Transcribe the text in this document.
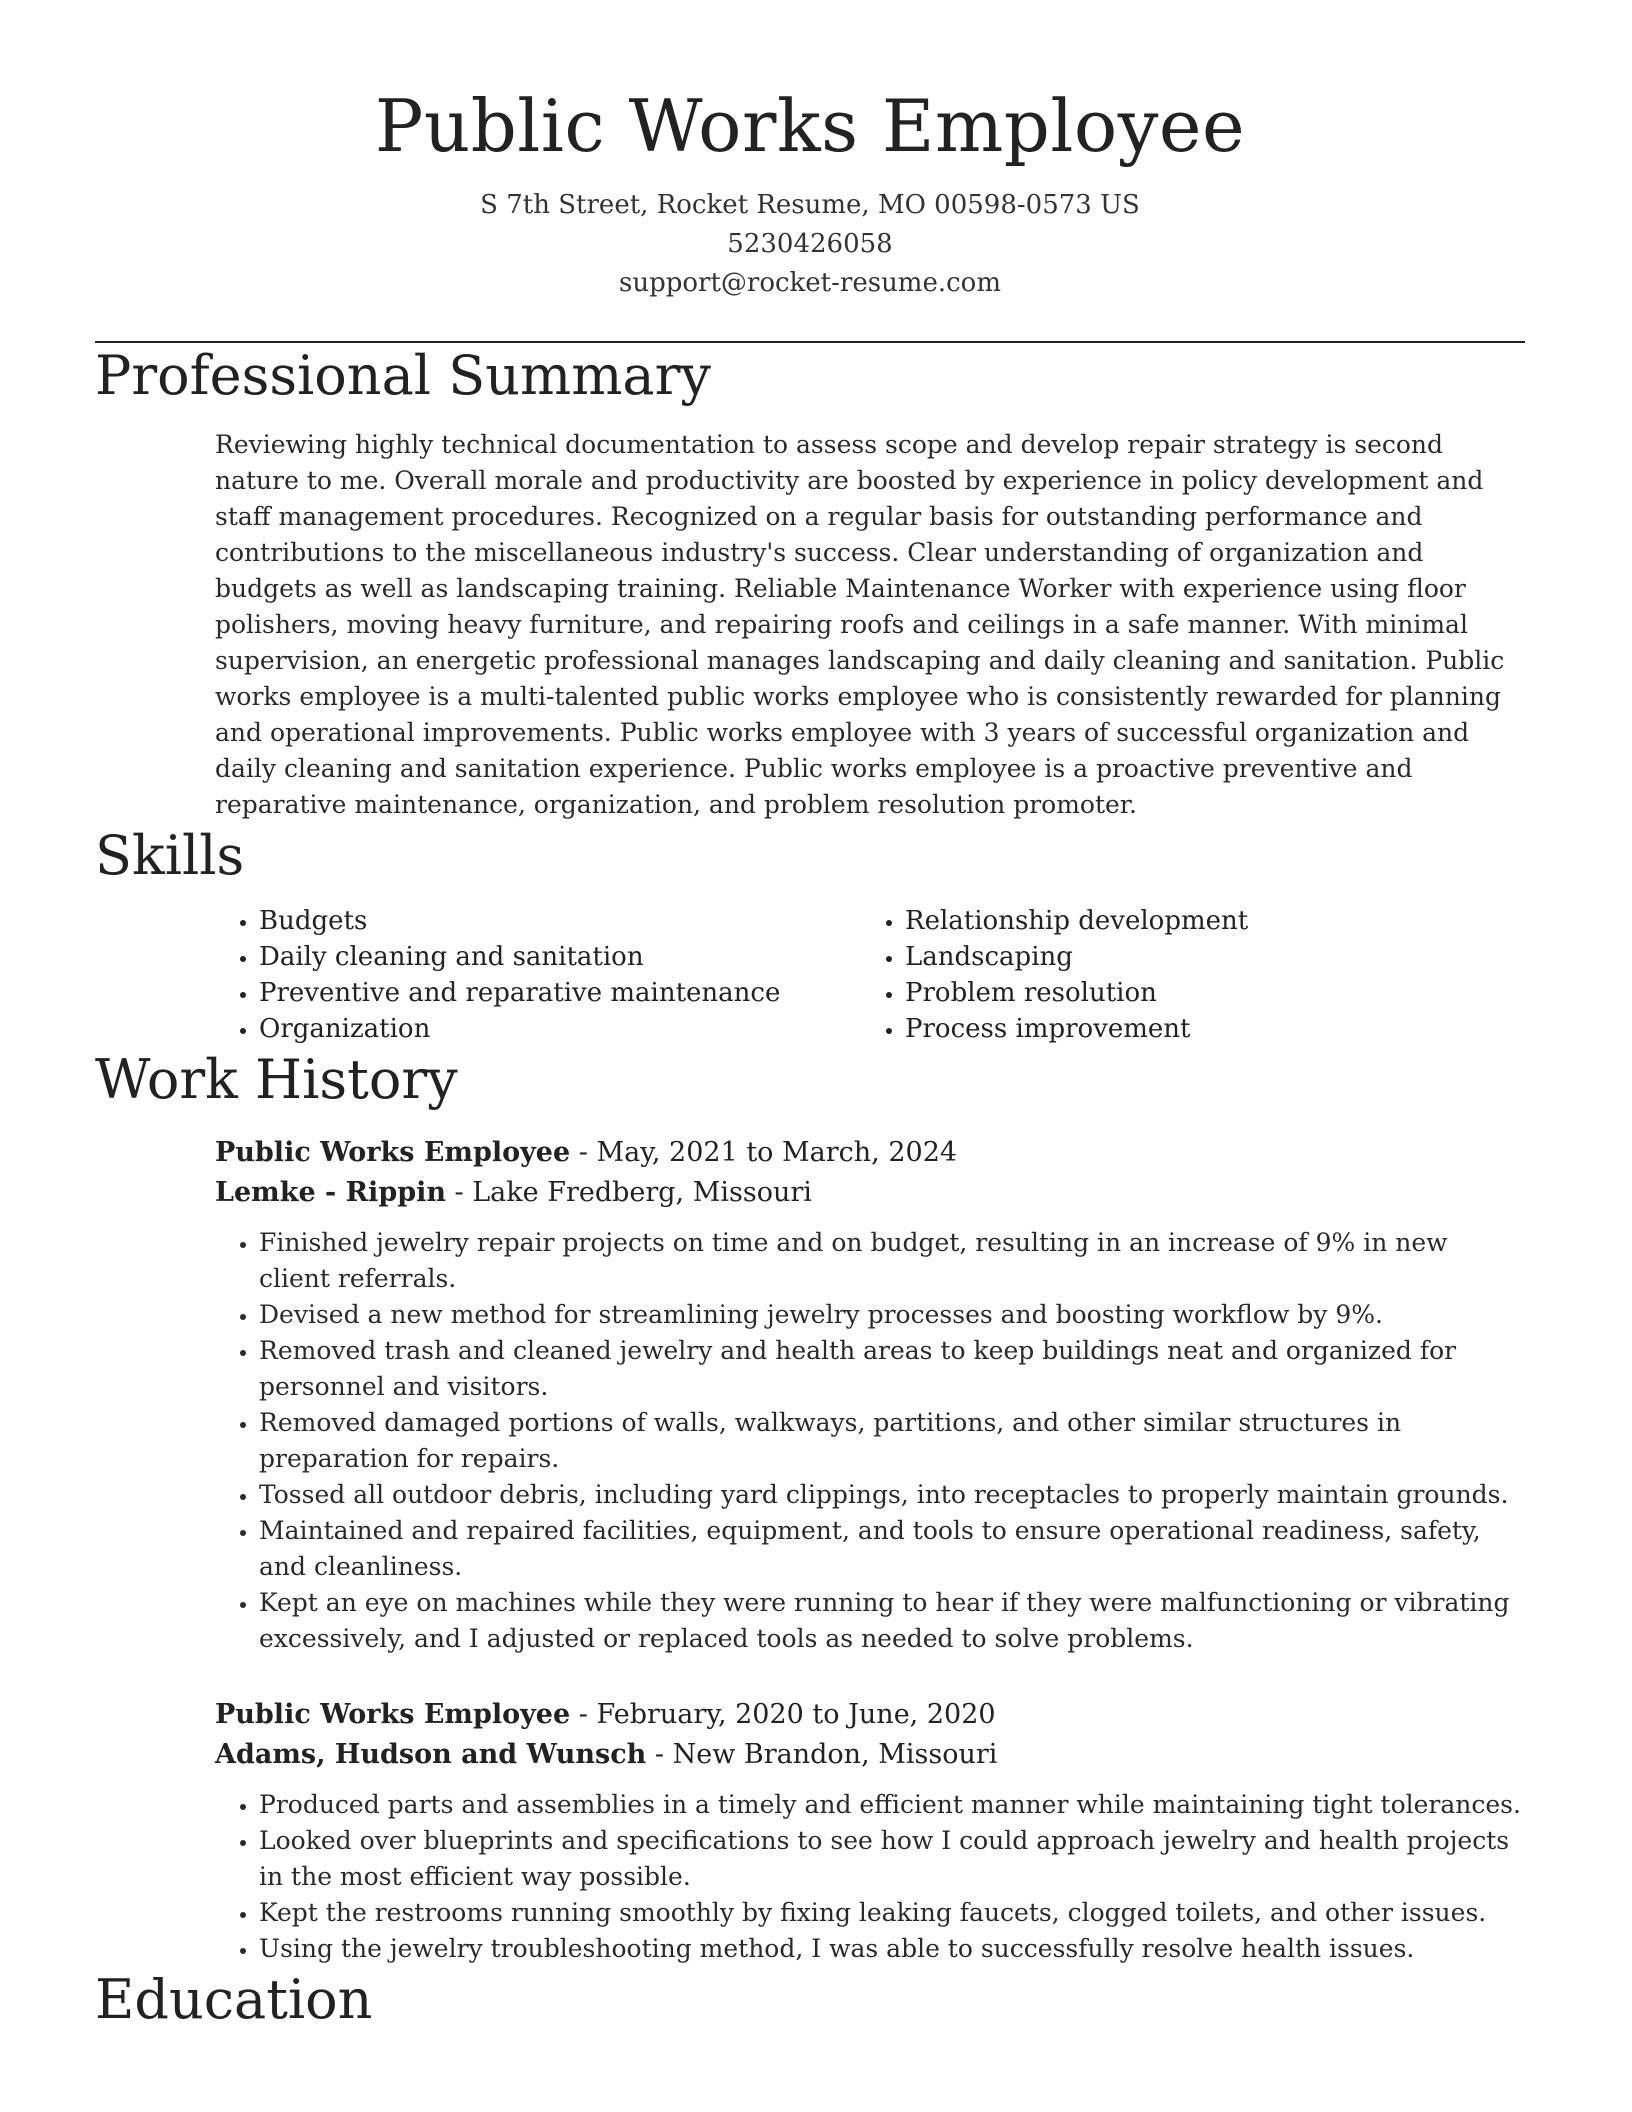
Public Works Employee
S 7th Street, Rocket Resume, MO 00598-0573 US
5230426058
support@rocket-resume.com
Professional Summary

Reviewing highly technical documentation to assess scope and develop repair strategy is second nature to me. Overall morale and productivity are boosted by experience in policy development and staff management procedures. Recognized on a regular basis for outstanding performance and contributions to the miscellaneous industry's success. Clear understanding of organization and budgets as well as landscaping training. Reliable Maintenance Worker with experience using floor polishers, moving heavy furniture, and repairing roofs and ceilings in a safe manner. With minimal supervision, an energetic professional manages landscaping and daily cleaning and sanitation. Public works employee is a multi-talented public works employee who is consistently rewarded for planning and operational improvements. Public works employee with 3 years of successful organization and daily cleaning and sanitation experience. Public works employee is a proactive preventive and reparative maintenance, organization, and problem resolution promoter.

Skills
• Budgets
• Daily cleaning and sanitation
• Preventive and reparative maintenance
• Organization
• Relationship development
• Landscaping
• Problem resolution
• Process improvement
Work History
Public Works Employee - May, 2021 to March, 2024
Lemke - Rippin - Lake Fredberg, Missouri
• Finished jewelry repair projects on time and on budget, resulting in an increase of 9% in new client referrals.
• Devised a new method for streamlining jewelry processes and boosting workflow by 9%.
• Removed trash and cleaned jewelry and health areas to keep buildings neat and organized for personnel and visitors.
• Removed damaged portions of walls, walkways, partitions, and other similar structures in preparation for repairs.
• Tossed all outdoor debris, including yard clippings, into receptacles to properly maintain grounds.
• Maintained and repaired facilities, equipment, and tools to ensure operational readiness, safety, and cleanliness.
• Kept an eye on machines while they were running to hear if they were malfunctioning or vibrating excessively, and I adjusted or replaced tools as needed to solve problems.
Public Works Employee - February, 2020 to June, 2020
Adams, Hudson and Wunsch - New Brandon, Missouri
• Produced parts and assemblies in a timely and efficient manner while maintaining tight tolerances.
• Looked over blueprints and specifications to see how I could approach jewelry and health projects in the most efficient way possible.
• Kept the restrooms running smoothly by fixing leaking faucets, clogged toilets, and other issues.
• Using the jewelry troubleshooting method, I was able to successfully resolve health issues.
Education
